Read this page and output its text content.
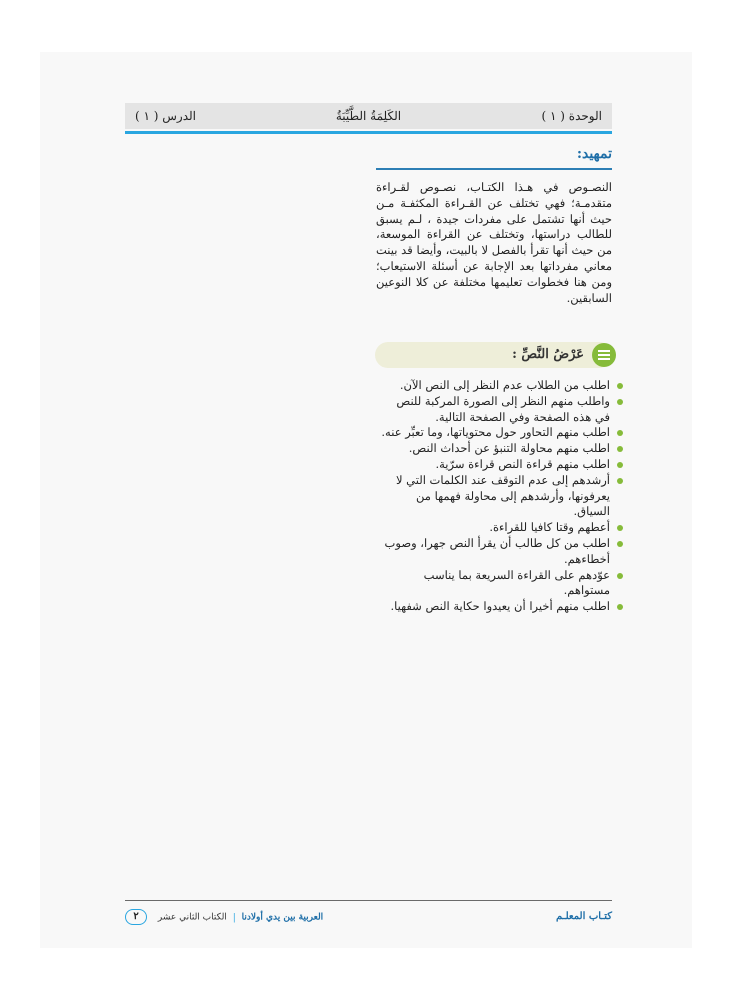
الوحدة ( ١ )
الكَلِمَةُ الطَّيِّبَةُ
الدرس ( ١ )
تمهيد:

النصـوص في هـذا الكتـاب، نصـوص لقـراءة متقدمـة؛ فهي تختلف عن القـراءة المكثفـة مـن حيث أنها تشتمل على مفردات جيدة ، لـم يسبق للطالب دراستها، وتختلف عن القراءة الموسعة، من حيث أنها تقرأ بالفصل لا بالبيت، وأيضا قد بينت معاني مفرداتها بعد الإجابة عن أسئلة الاستيعاب؛ ومن هنا فخطوات تعليمها مختلفة عن كلا النوعين السابقين.

عَرْضُ النَّصِّ :
اطلب من الطلاب عدم النظر إلى النص الآن.
واطلب منهم النظر إلى الصورة المركبة للنص في هذه الصفحة وفي الصفحة التالية.
اطلب منهم التحاور حول محتوياتها، وما تعبِّر عنه.
اطلب منهم محاولة التنبؤ عن أحداث النص.
اطلب منهم قراءة النص قراءة سرّية.
أرشدهم إلى عدم التوقف عند الكلمات التي لا يعرفونها، وأرشدهم إلى محاولة فهمها من السياق.
أعطهم وقتا كافيا للقراءة.
اطلب من كل طالب أن يقرأ النص جهرا، وصوب أخطاءهم.
عوّدهم على القراءة السريعة بما يناسب مستواهم.
اطلب منهم أخيرا أن يعيدوا حكاية النص شفهيا.
العربية بين يدي أولادنا | الكتاب الثاني عشر ٢	كتـاب المعلـم
